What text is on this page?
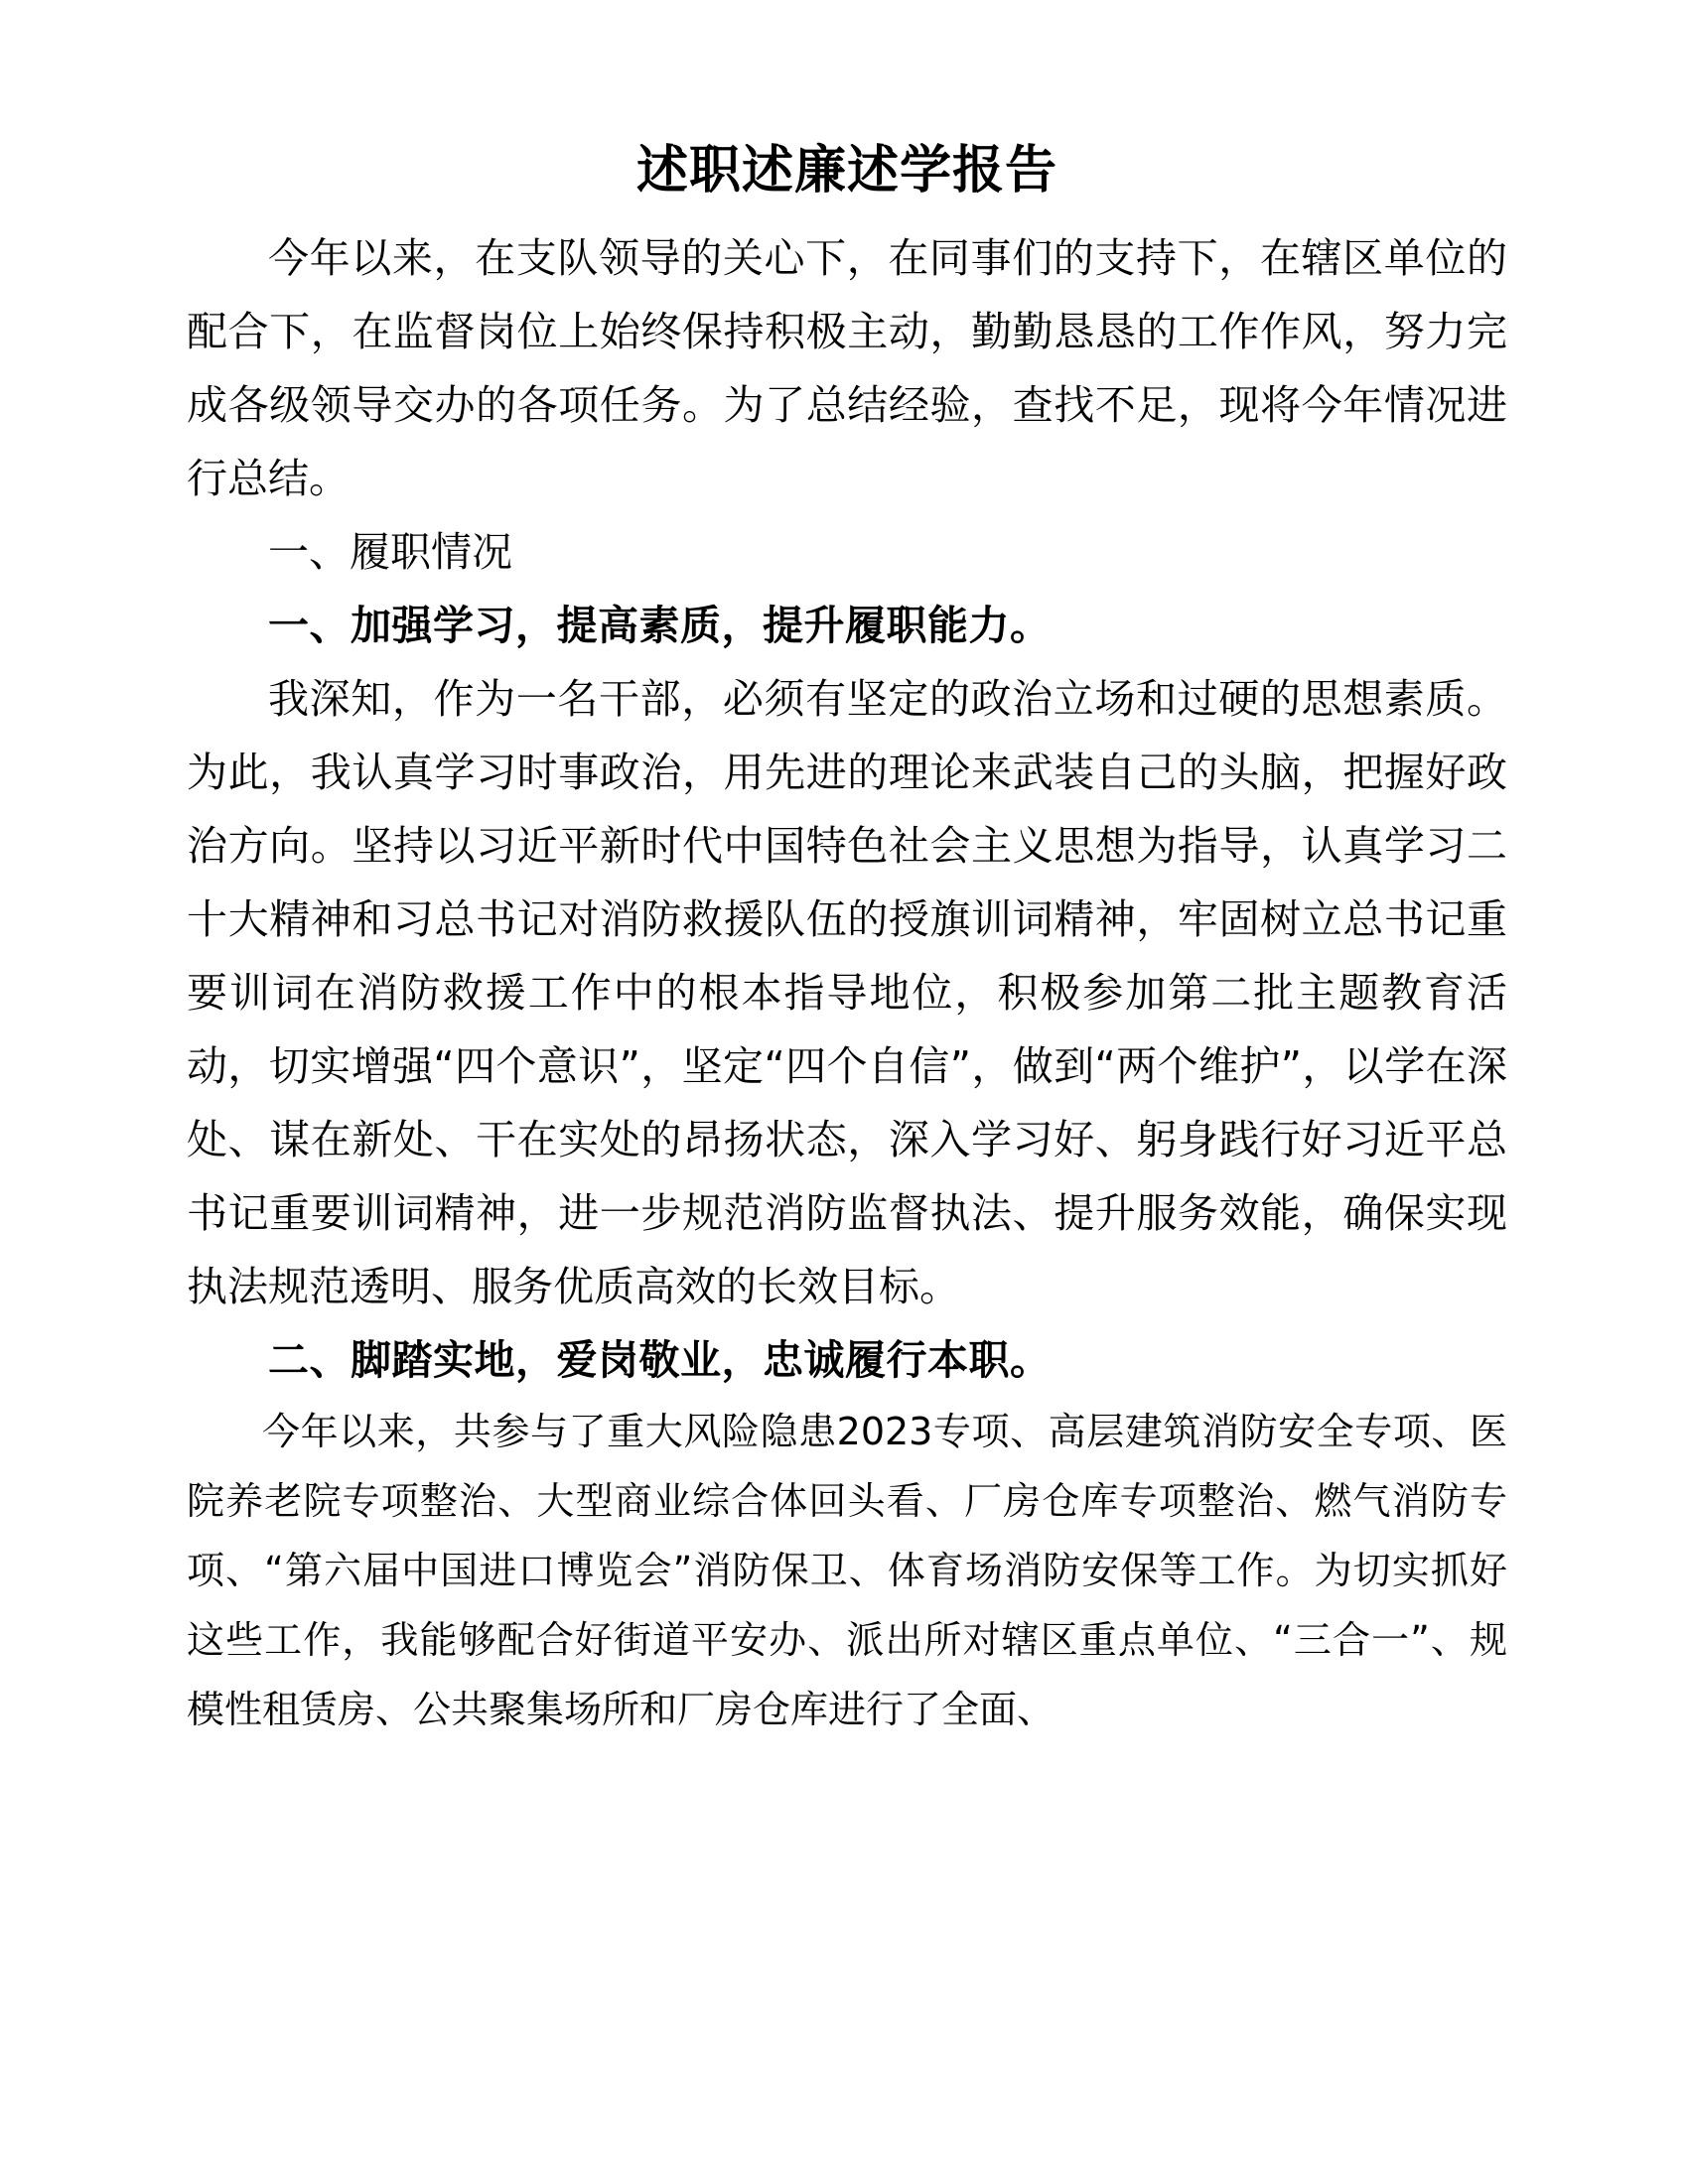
述职述廉述学报告

今年以来，在支队领导的关心下，在同事们的支持下，在辖区单位的配合下，在监督岗位上始终保持积极主动，勤勤恳恳的工作作风，努力完成各级领导交办的各项任务。为了总结经验，查找不足，现将今年情况进行总结。

一、履职情况

一、加强学习，提高素质，提升履职能力。

我深知，作为一名干部，必须有坚定的政治立场和过硬的思想素质。为此，我认真学习时事政治，用先进的理论来武装自己的头脑，把握好政治方向。坚持以习近平新时代中国特色社会主义思想为指导，认真学习二十大精神和习总书记对消防救援队伍的授旗训词精神，牢固树立总书记重要训词在消防救援工作中的根本指导地位，积极参加第二批主题教育活动，切实增强“四个意识”，坚定“四个自信”，做到“两个维护”，以学在深处、谋在新处、干在实处的昂扬状态，深入学习好、躬身践行好习近平总书记重要训词精神，进一步规范消防监督执法、提升服务效能，确保实现执法规范透明、服务优质高效的长效目标。

二、脚踏实地，爱岗敬业，忠诚履行本职。

今年以来，共参与了重大风险隐患2023专项、高层建筑消防安全专项、医院养老院专项整治、大型商业综合体回头看、厂房仓库专项整治、燃气消防专项、“第六届中国进口博览会”消防保卫、体育场消防安保等工作。为切实抓好这些工作，我能够配合好街道平安办、派出所对辖区重点单位、“三合一”、规模性租赁房、公共聚集场所和厂房仓库进行了全面、
